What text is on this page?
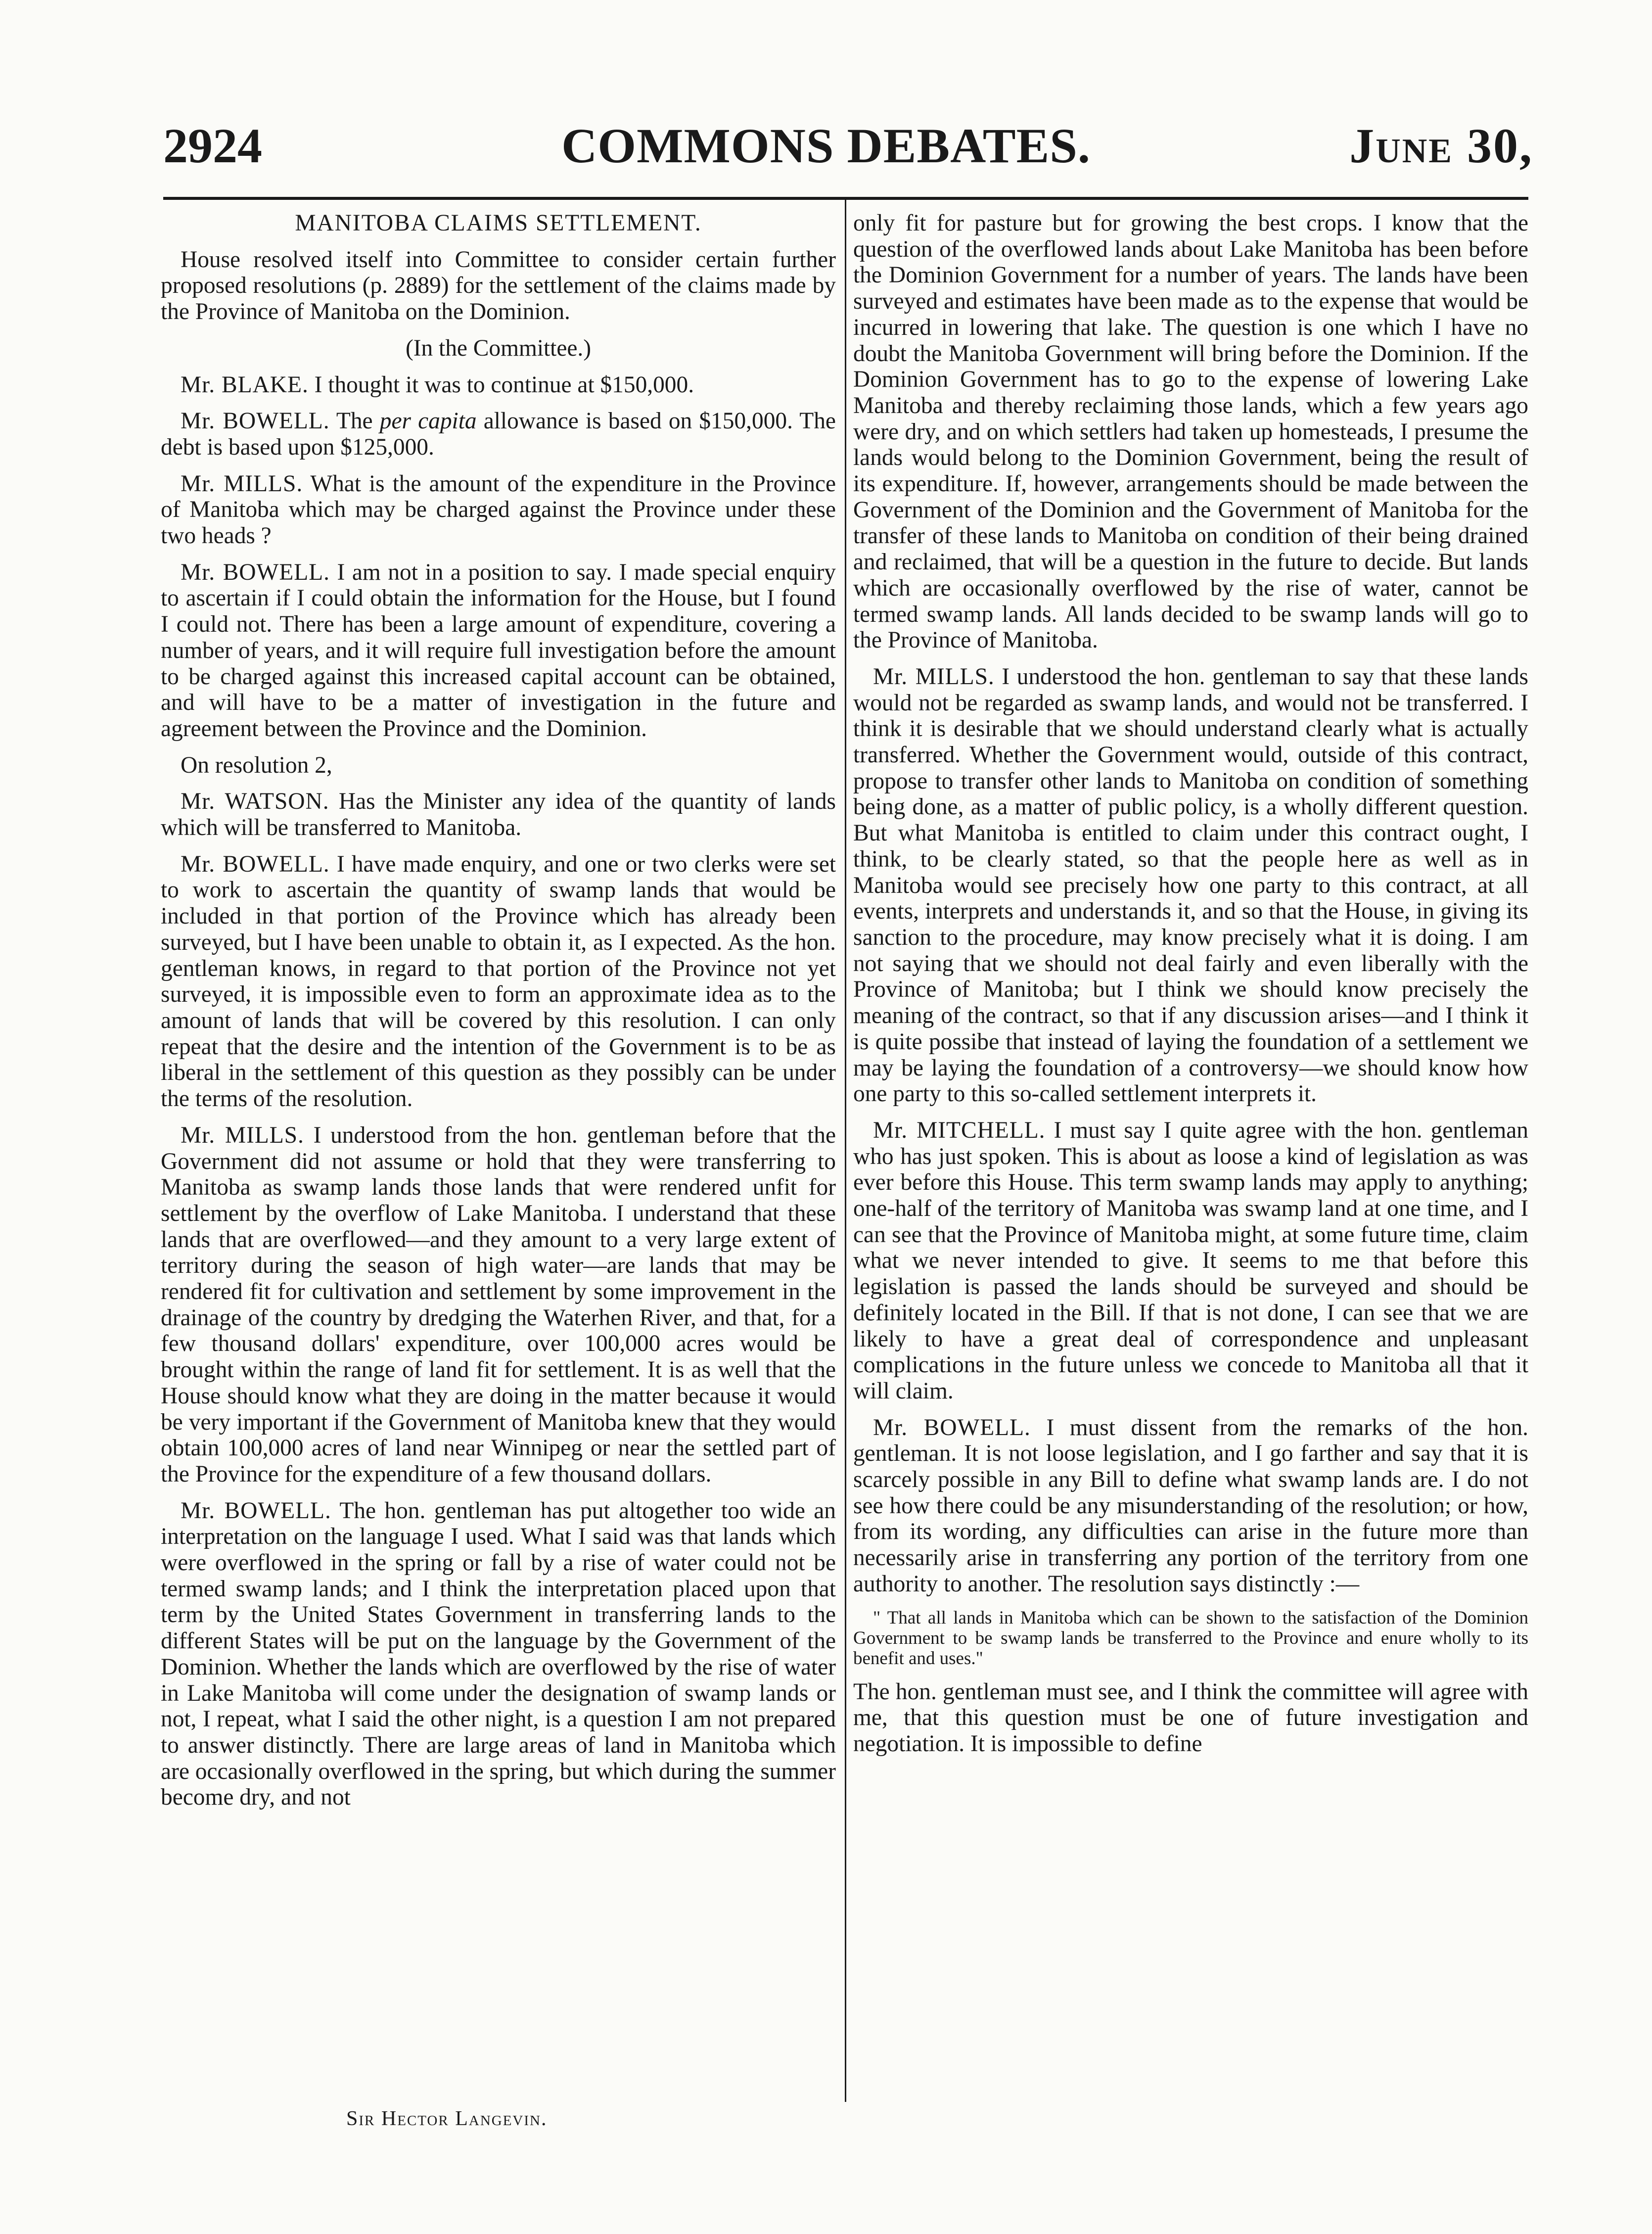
2924	COMMONS DEBATES.	June 30,
MANITOBA CLAIMS SETTLEMENT.

House resolved itself into Committee to consider certain further proposed resolutions (p. 2889) for the settlement of the claims made by the Province of Manitoba on the Dominion.

(In the Committee.)

Mr. BLAKE. I thought it was to continue at $150,000.

Mr. BOWELL. The per capita allowance is based on $150,000. The debt is based upon $125,000.

Mr. MILLS. What is the amount of the expenditure in the Province of Manitoba which may be charged against the Province under these two heads ?

Mr. BOWELL. I am not in a position to say. I made special enquiry to ascertain if I could obtain the information for the House, but I found I could not. There has been a large amount of expenditure, covering a number of years, and it will require full investigation before the amount to be charged against this increased capital account can be obtained, and will have to be a matter of investigation in the future and agreement between the Province and the Dominion.

On resolution 2,

Mr. WATSON. Has the Minister any idea of the quantity of lands which will be transferred to Manitoba.

Mr. BOWELL. I have made enquiry, and one or two clerks were set to work to ascertain the quantity of swamp lands that would be included in that portion of the Province which has already been surveyed, but I have been unable to obtain it, as I expected. As the hon. gentleman knows, in regard to that portion of the Province not yet surveyed, it is impossible even to form an approximate idea as to the amount of lands that will be covered by this resolution. I can only repeat that the desire and the intention of the Government is to be as liberal in the settlement of this question as they possibly can be under the terms of the resolution.

Mr. MILLS. I understood from the hon. gentleman before that the Government did not assume or hold that they were transferring to Manitoba as swamp lands those lands that were rendered unfit for settlement by the overflow of Lake Manitoba. I understand that these lands that are overflowed—and they amount to a very large extent of territory during the season of high water—are lands that may be rendered fit for cultivation and settlement by some improvement in the drainage of the country by dredging the Waterhen River, and that, for a few thousand dollars' expenditure, over 100,000 acres would be brought within the range of land fit for settlement. It is as well that the House should know what they are doing in the matter because it would be very important if the Government of Manitoba knew that they would obtain 100,000 acres of land near Winnipeg or near the settled part of the Province for the expenditure of a few thousand dollars.

Mr. BOWELL. The hon. gentleman has put altogether too wide an interpretation on the language I used. What I said was that lands which were overflowed in the spring or fall by a rise of water could not be termed swamp lands; and I think the interpretation placed upon that term by the United States Government in transferring lands to the different States will be put on the language by the Government of the Dominion. Whether the lands which are overflowed by the rise of water in Lake Manitoba will come under the designation of swamp lands or not, I repeat, what I said the other night, is a question I am not prepared to answer distinctly. There are large areas of land in Manitoba which are occasionally overflowed in the spring, but which during the summer become dry, and not

Sir Hector Langevin.

only fit for pasture but for growing the best crops. I know that the question of the overflowed lands about Lake Manitoba has been before the Dominion Government for a number of years. The lands have been surveyed and estimates have been made as to the expense that would be incurred in lowering that lake. The question is one which I have no doubt the Manitoba Government will bring before the Dominion. If the Dominion Government has to go to the expense of lowering Lake Manitoba and thereby reclaiming those lands, which a few years ago were dry, and on which settlers had taken up homesteads, I presume the lands would belong to the Dominion Government, being the result of its expenditure. If, however, arrangements should be made between the Government of the Dominion and the Government of Manitoba for the transfer of these lands to Manitoba on condition of their being drained and reclaimed, that will be a question in the future to decide. But lands which are occasionally overflowed by the rise of water, cannot be termed swamp lands. All lands decided to be swamp lands will go to the Province of Manitoba.

Mr. MILLS. I understood the hon. gentleman to say that these lands would not be regarded as swamp lands, and would not be transferred. I think it is desirable that we should understand clearly what is actually transferred. Whether the Government would, outside of this contract, propose to transfer other lands to Manitoba on condition of something being done, as a matter of public policy, is a wholly different question. But what Manitoba is entitled to claim under this contract ought, I think, to be clearly stated, so that the people here as well as in Manitoba would see precisely how one party to this contract, at all events, interprets and understands it, and so that the House, in giving its sanction to the procedure, may know precisely what it is doing. I am not saying that we should not deal fairly and even liberally with the Province of Manitoba; but I think we should know precisely the meaning of the contract, so that if any discussion arises—and I think it is quite possibe that instead of laying the foundation of a settlement we may be laying the foundation of a controversy—we should know how one party to this so-called settlement interprets it.

Mr. MITCHELL. I must say I quite agree with the hon. gentleman who has just spoken. This is about as loose a kind of legislation as was ever before this House. This term swamp lands may apply to anything; one-half of the territory of Manitoba was swamp land at one time, and I can see that the Province of Manitoba might, at some future time, claim what we never intended to give. It seems to me that before this legislation is passed the lands should be surveyed and should be definitely located in the Bill. If that is not done, I can see that we are likely to have a great deal of correspondence and unpleasant complications in the future unless we concede to Manitoba all that it will claim.

Mr. BOWELL. I must dissent from the remarks of the hon. gentleman. It is not loose legislation, and I go farther and say that it is scarcely possible in any Bill to define what swamp lands are. I do not see how there could be any misunderstanding of the resolution; or how, from its wording, any difficulties can arise in the future more than necessarily arise in transferring any portion of the territory from one authority to another. The resolution says distinctly :—

" That all lands in Manitoba which can be shown to the satisfaction of the Dominion Government to be swamp lands be transferred to the Province and enure wholly to its benefit and uses."

The hon. gentleman must see, and I think the committee will agree with me, that this question must be one of future investigation and negotiation. It is impossible to define
